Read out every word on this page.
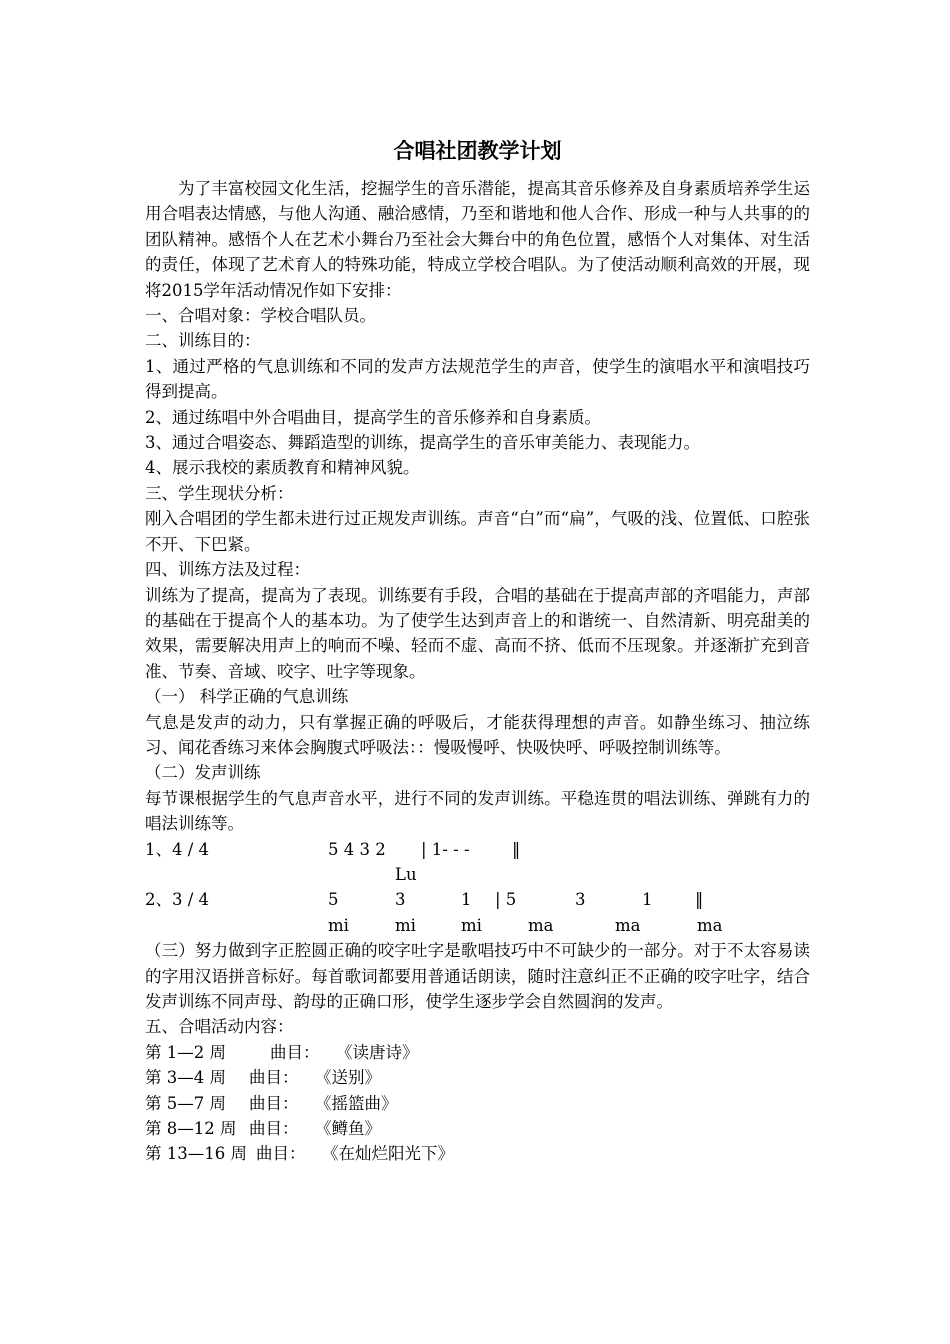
合唱社团教学计划

为了丰富校园文化生活，挖掘学生的音乐潜能，提高其音乐修养及自身素质培养学生运用合唱表达情感，与他人沟通、融洽感情，乃至和谐地和他人合作、形成一种与人共事的的团队精神。感悟个人在艺术小舞台乃至社会大舞台中的角色位置，感悟个人对集体、对生活的责任，体现了艺术育人的特殊功能，特成立学校合唱队。为了使活动顺利高效的开展，现将2015学年活动情况作如下安排：

一、合唱对象：学校合唱队员。

二、训练目的：

1、通过严格的气息训练和不同的发声方法规范学生的声音，使学生的演唱水平和演唱技巧得到提高。

2、通过练唱中外合唱曲目，提高学生的音乐修养和自身素质。

3、通过合唱姿态、舞蹈造型的训练，提高学生的音乐审美能力、表现能力。

4、展示我校的素质教育和精神风貌。

三、学生现状分析：

刚入合唱团的学生都未进行过正规发声训练。声音“白”而“扁”，气吸的浅、位置低、口腔张不开、下巴紧。

四、训练方法及过程：

训练为了提高，提高为了表现。训练要有手段，合唱的基础在于提高声部的齐唱能力，声部的基础在于提高个人的基本功。为了使学生达到声音上的和谐统一、自然清新、明亮甜美的效果，需要解决用声上的响而不噪、轻而不虚、高而不挤、低而不压现象。并逐渐扩充到音准、节奏、音域、咬字、吐字等现象。

（一） 科学正确的气息训练

气息是发声的动力，只有掌握正确的呼吸后，才能获得理想的声音。如静坐练习、抽泣练习、闻花香练习来体会胸腹式呼吸法：：慢吸慢呼、快吸快呼、呼吸控制训练等。

（二）发声训练

每节课根据学生的气息声音水平，进行不同的发声训练。平稳连贯的唱法训练、弹跳有力的唱法训练等。

1、4 / 4	5 4 3 2 | 1- - -	‖
Lu
2、3 / 4	5	3	1 | 5	3	1	‖
mi	mi	mi	ma	ma	ma

（三）努力做到字正腔圆正确的咬字吐字是歌唱技巧中不可缺少的一部分。对于不太容易读的字用汉语拼音标好。每首歌词都要用普通话朗读，随时注意纠正不正确的咬字吐字，结合发声训练不同声母、韵母的正确口形，使学生逐步学会自然圆润的发声。

五、合唱活动内容：

第 1—2 周	曲目： 《读唐诗》
第 3—4 周 曲目： 《送别》
第 5—7 周 曲目： 《摇篮曲》
第 8—12 周 曲目： 《鳟鱼》
第 13—16 周 曲目： 《在灿烂阳光下》
